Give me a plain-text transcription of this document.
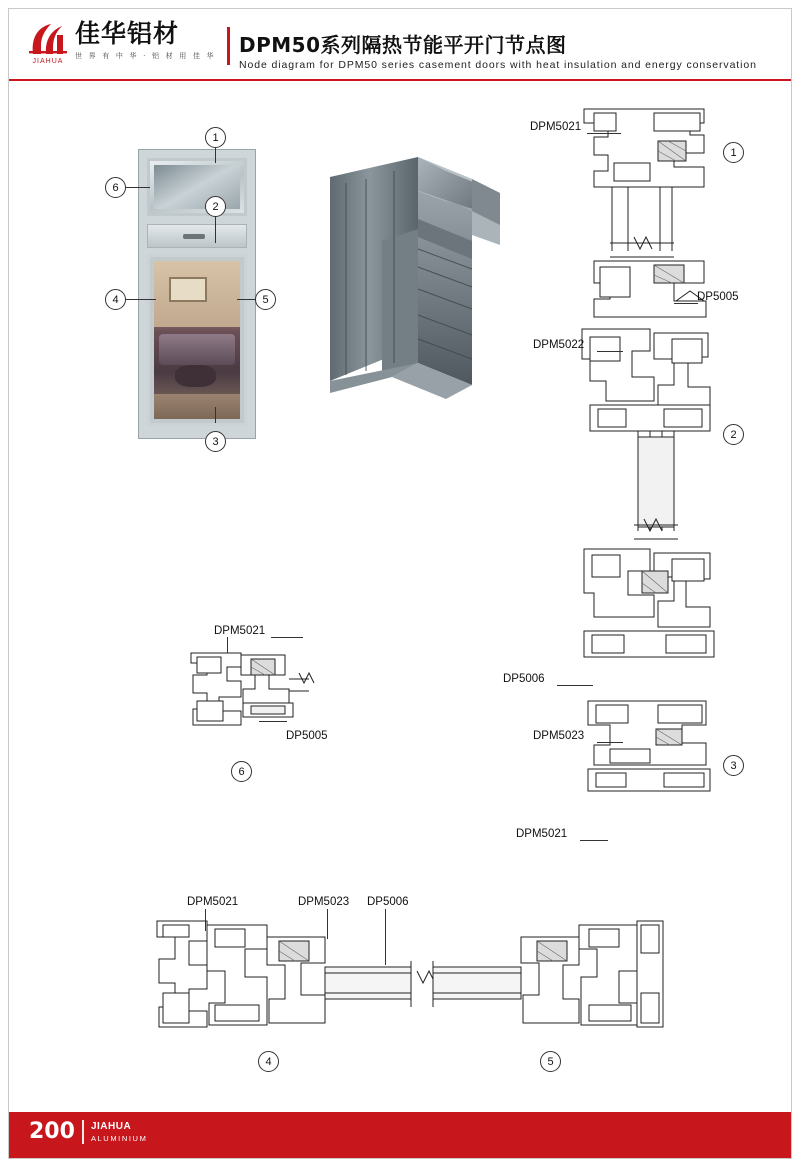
JIAHUA
佳华铝材
世 界 有 中 华 · 铝 材 用 佳 华 DPM50系列隔热节能平开门节点图
Node diagram for DPM50 series casement doors with heat insulation and energy conservation
1
2
3
4	5
6
DPM5021
DP5005
DPM5022
DP5006
DPM5023
DPM5021
1
2
3
DPM5021
DP5005
6
DPM5021	DPM5023 DP5006
4	5
200 JIAHUA
ALUMINIUM
